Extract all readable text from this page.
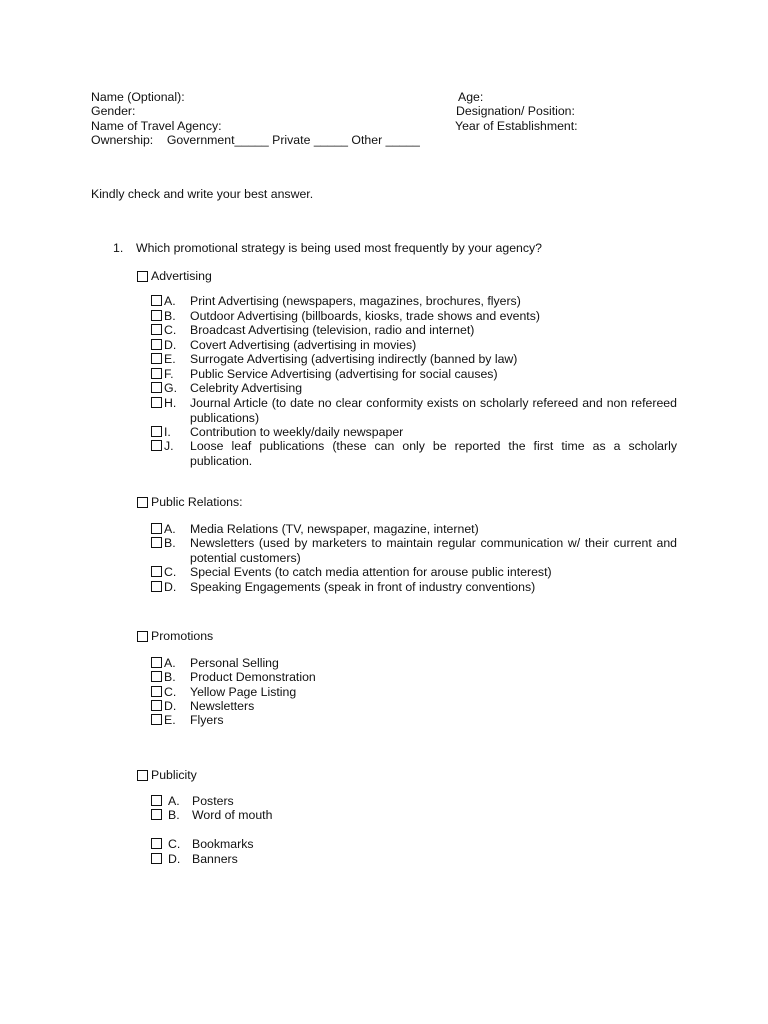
Name (Optional):	Age:
Gender:	Designation/ Position:
Name of Travel Agency:	Year of Establishment:
Ownership:    Government_____ Private _____ Other _____
Kindly check and write your best answer.
1. Which promotional strategy is being used most frequently by your agency?
Advertising
A.	Print Advertising (newspapers, magazines, brochures, flyers)
B.	Outdoor Advertising (billboards, kiosks, trade shows and events)
C.	Broadcast Advertising (television, radio and internet)
D.	Covert Advertising (advertising in movies)
E.	Surrogate Advertising (advertising indirectly (banned by law)
F.	Public Service Advertising (advertising for social causes)
G.	Celebrity Advertising
H.	Journal Article (to date no clear conformity exists on scholarly refereed and non refereed publications)
I.	Contribution to weekly/daily newspaper
J.	Loose leaf publications (these can only be reported the first time as a scholarly publication.
Public Relations:
A.	Media Relations (TV, newspaper, magazine, internet)
B.	Newsletters (used by marketers to maintain regular communication w/ their current and potential customers)
C.	Special Events (to catch media attention for arouse public interest)
D.	Speaking Engagements (speak in front of industry conventions)
Promotions
A.	Personal Selling
B.	Product Demonstration
C.	Yellow Page Listing
D.	Newsletters
E.	Flyers
Publicity
A.	Posters
B.	Word of mouth
C. Bookmarks
D. Banners
